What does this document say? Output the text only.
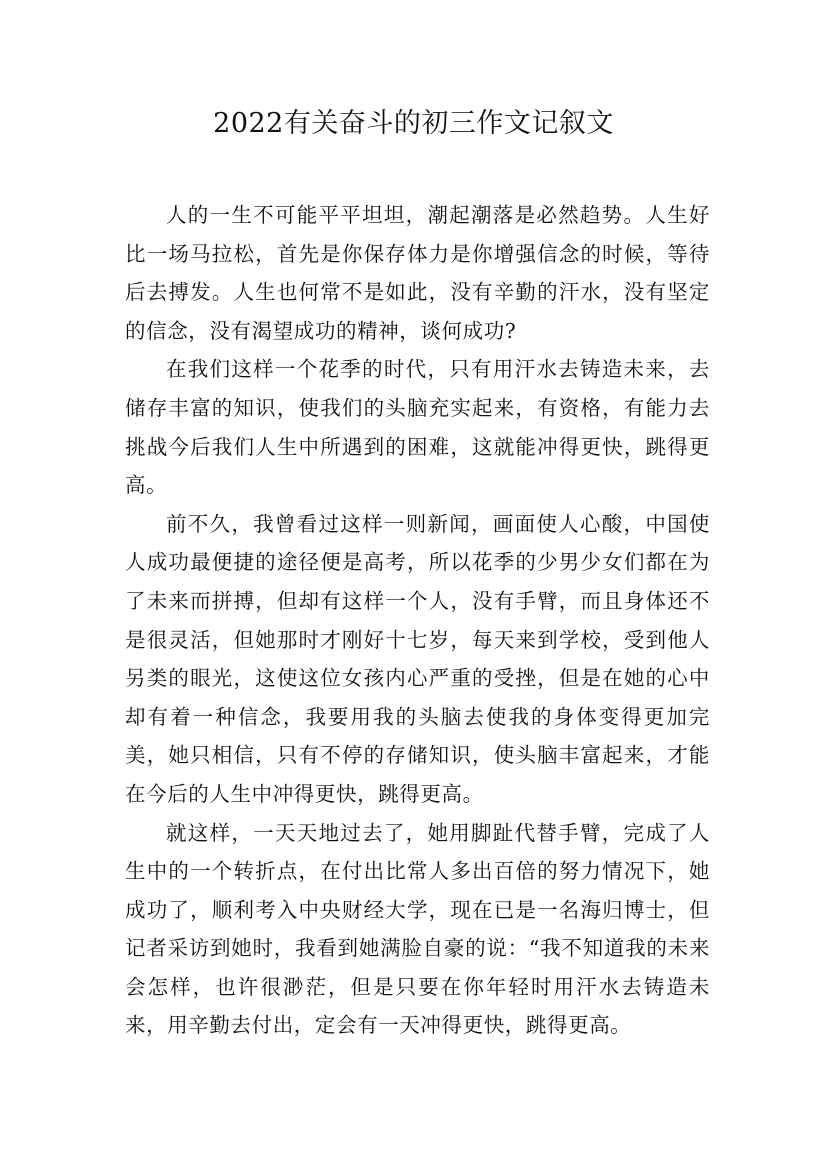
2022有关奋斗的初三作文记叙文

人的一生不可能平平坦坦，潮起潮落是必然趋势。人生好比一场马拉松，首先是你保存体力是你增强信念的时候，等待后去搏发。人生也何常不是如此，没有辛勤的汗水，没有坚定的信念，没有渴望成功的精神，谈何成功?

在我们这样一个花季的时代，只有用汗水去铸造未来，去储存丰富的知识，使我们的头脑充实起来，有资格，有能力去挑战今后我们人生中所遇到的困难，这就能冲得更快，跳得更高。

前不久，我曾看过这样一则新闻，画面使人心酸，中国使人成功最便捷的途径便是高考，所以花季的少男少女们都在为了未来而拼搏，但却有这样一个人，没有手臂，而且身体还不是很灵活，但她那时才刚好十七岁，每天来到学校，受到他人另类的眼光，这使这位女孩内心严重的受挫，但是在她的心中却有着一种信念，我要用我的头脑去使我的身体变得更加完美，她只相信，只有不停的存储知识，使头脑丰富起来，才能在今后的人生中冲得更快，跳得更高。

就这样，一天天地过去了，她用脚趾代替手臂，完成了人生中的一个转折点，在付出比常人多出百倍的努力情况下，她成功了，顺利考入中央财经大学，现在已是一名海归博士，但记者采访到她时，我看到她满脸自豪的说：“我不知道我的未来会怎样，也许很渺茫，但是只要在你年轻时用汗水去铸造未来，用辛勤去付出，定会有一天冲得更快，跳得更高。
